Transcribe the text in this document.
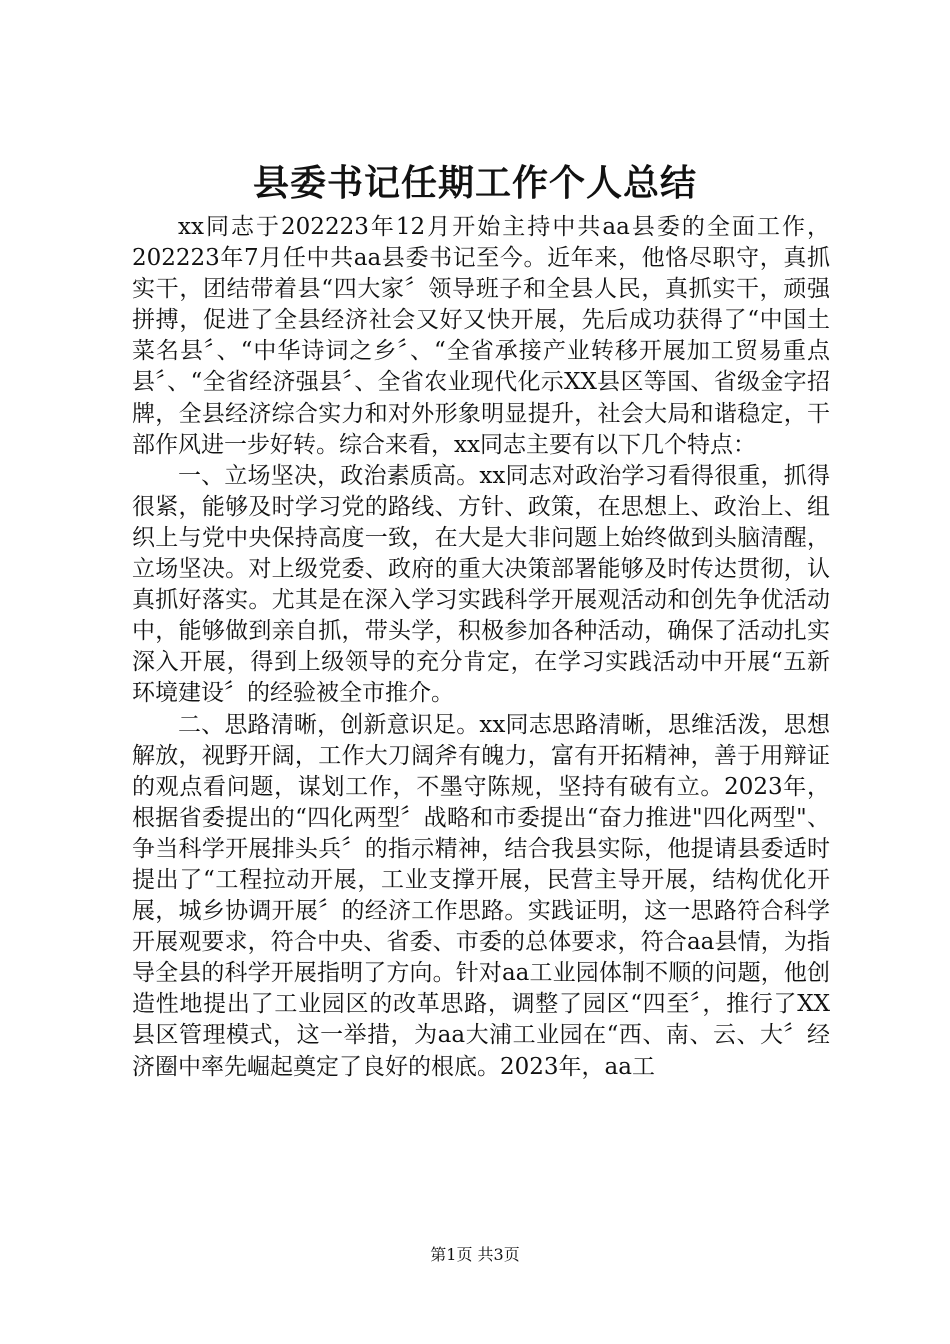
县委书记任期工作个人总结

xx同志于202223年12月开始主持中共aa县委的全面工作，202223年7月任中共aa县委书记至今。近年来，他恪尽职守，真抓实干，团结带着县“四大家〞领导班子和全县人民，真抓实干，顽强拼搏，促进了全县经济社会又好又快开展，先后成功获得了“中国土菜名县〞、“中华诗词之乡〞、“全省承接产业转移开展加工贸易重点县〞、“全省经济强县〞、全省农业现代化示XX县区等国、省级金字招牌，全县经济综合实力和对外形象明显提升，社会大局和谐稳定，干部作风进一步好转。综合来看，xx同志主要有以下几个特点：

一、立场坚决，政治素质高。xx同志对政治学习看得很重，抓得很紧，能够及时学习党的路线、方针、政策，在思想上、政治上、组织上与党中央保持高度一致，在大是大非问题上始终做到头脑清醒，立场坚决。对上级党委、政府的重大决策部署能够及时传达贯彻，认真抓好落实。尤其是在深入学习实践科学开展观活动和创先争优活动中，能够做到亲自抓，带头学，积极参加各种活动，确保了活动扎实深入开展，得到上级领导的充分肯定，在学习实践活动中开展“五新环境建设〞的经验被全市推介。

二、思路清晰，创新意识足。xx同志思路清晰，思维活泼，思想解放，视野开阔，工作大刀阔斧有魄力，富有开拓精神，善于用辩证的观点看问题，谋划工作，不墨守陈规，坚持有破有立。2023年，根据省委提出的“四化两型〞战略和市委提出“奋力推进"四化两型"、争当科学开展排头兵〞的指示精神，结合我县实际，他提请县委适时提出了“工程拉动开展，工业支撑开展，民营主导开展，结构优化开展，城乡协调开展〞的经济工作思路。实践证明，这一思路符合科学开展观要求，符合中央、省委、市委的总体要求，符合aa县情，为指导全县的科学开展指明了方向。针对aa工业园体制不顺的问题，他创造性地提出了工业园区的改革思路，调整了园区“四至〞，推行了XX县区管理模式，这一举措，为aa大浦工业园在“西、南、云、大〞经济圈中率先崛起奠定了良好的根底。2023年，aa工

第1页 共3页
